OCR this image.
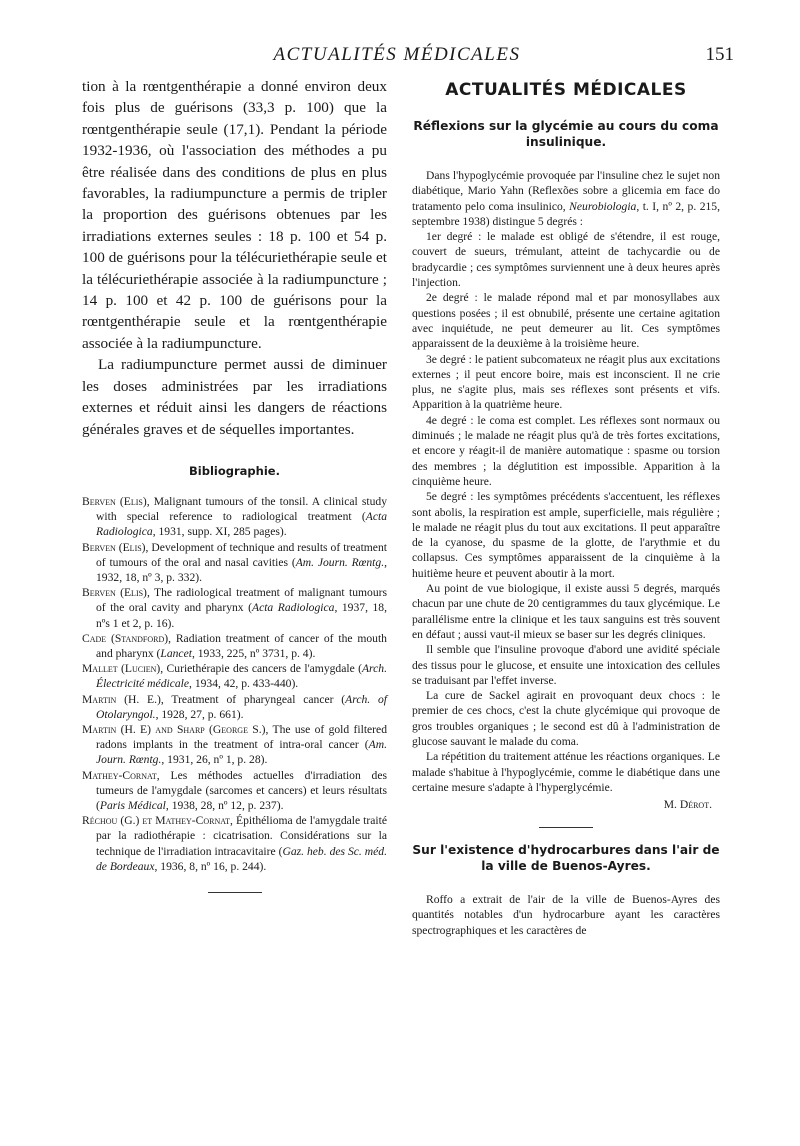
ACTUALITÉS MÉDICALES	151

tion à la rœntgenthérapie a donné environ deux fois plus de guérisons (33,3 p. 100) que la rœntgenthérapie seule (17,1). Pendant la période 1932-1936, où l'association des méthodes a pu être réalisée dans des conditions de plus en plus favorables, la radiumpuncture a permis de tripler la proportion des guérisons obtenues par les irradiations externes seules : 18 p. 100 et 54 p. 100 de guérisons pour la télécuriethérapie seule et la télécuriethérapie associée à la radiumpuncture ; 14 p. 100 et 42 p. 100 de guérisons pour la rœntgenthérapie seule et la rœntgenthérapie associée à la radiumpuncture.

La radiumpuncture permet aussi de diminuer les doses administrées par les irradiations externes et réduit ainsi les dangers de réactions générales graves et de séquelles importantes.

Bibliographie.

Berven (Elis), Malignant tumours of the tonsil. A clinical study with special reference to radiological treatment (Acta Radiologica, 1931, supp. XI, 285 pages).

Berven (Elis), Development of technique and results of treatment of tumours of the oral and nasal cavities (Am. Journ. Rœntg., 1932, 18, nº 3, p. 332).

Berven (Elis), The radiological treatment of malignant tumours of the oral cavity and pharynx (Acta Radiologica, 1937, 18, nºs 1 et 2, p. 16).

Cade (Standford), Radiation treatment of cancer of the mouth and pharynx (Lancet, 1933, 225, nº 3731, p. 4).

Mallet (Lucien), Curiethérapie des cancers de l'amygdale (Arch. Électricité médicale, 1934, 42, p. 433-440).

Martin (H. E.), Treatment of pharyngeal cancer (Arch. of Otolaryngol., 1928, 27, p. 661).

Martin (H. E) and Sharp (George S.), The use of gold filtered radons implants in the treatment of intra-oral cancer (Am. Journ. Rœntg., 1931, 26, nº 1, p. 28).

Mathey-Cornat, Les méthodes actuelles d'irradiation des tumeurs de l'amygdale (sarcomes et cancers) et leurs résultats (Paris Médical, 1938, 28, nº 12, p. 237).

Réchou (G.) et Mathey-Cornat, Épithélioma de l'amygdale traité par la radiothérapie : cicatrisation. Considérations sur la technique de l'irradiation intracavitaire (Gaz. heb. des Sc. méd. de Bordeaux, 1936, 8, nº 16, p. 244).

ACTUALITÉS MÉDICALES
Réflexions sur la glycémie au cours du coma insulinique.

Dans l'hypoglycémie provoquée par l'insuline chez le sujet non diabétique, Mario Yahn (Reflexões sobre a glicemia em face do tratamento pelo coma insulinico, Neurobiologia, t. I, nº 2, p. 215, septembre 1938) distingue 5 degrés :

1er degré : le malade est obligé de s'étendre, il est rouge, couvert de sueurs, trémulant, atteint de tachycardie ou de bradycardie ; ces symptômes surviennent une à deux heures après l'injection.

2e degré : le malade répond mal et par monosyllabes aux questions posées ; il est obnubilé, présente une certaine agitation avec inquiétude, ne peut demeurer au lit. Ces symptômes apparaissent de la deuxième à la troisième heure.

3e degré : le patient subcomateux ne réagit plus aux excitations externes ; il peut encore boire, mais est inconscient. Il ne crie plus, ne s'agite plus, mais ses réflexes sont présents et vifs. Apparition à la quatrième heure.

4e degré : le coma est complet. Les réflexes sont normaux ou diminués ; le malade ne réagit plus qu'à de très fortes excitations, et encore y réagit-il de manière automatique : spasme ou torsion des membres ; la déglutition est impossible. Apparition à la cinquième heure.

5e degré : les symptômes précédents s'accentuent, les réflexes sont abolis, la respiration est ample, superficielle, mais régulière ; le malade ne réagit plus du tout aux excitations. Il peut apparaître de la cyanose, du spasme de la glotte, de l'arythmie et du collapsus. Ces symptômes apparaissent de la cinquième à la huitième heure et peuvent aboutir à la mort.

Au point de vue biologique, il existe aussi 5 degrés, marqués chacun par une chute de 20 centigrammes du taux glycémique. Le parallélisme entre la clinique et les taux sanguins est très souvent en défaut ; aussi vaut-il mieux se baser sur les degrés cliniques.

Il semble que l'insuline provoque d'abord une avidité spéciale des tissus pour le glucose, et ensuite une intoxication des cellules se traduisant par l'effet inverse.

La cure de Sackel agirait en provoquant deux chocs : le premier de ces chocs, c'est la chute glycémique qui provoque de gros troubles organiques ; le second est dû à l'administration de glucose sauvant le malade du coma.

La répétition du traitement atténue les réactions organiques. Le malade s'habitue à l'hypoglycémie, comme le diabétique dans une certaine mesure s'adapte à l'hyperglycémie.

M. Dérot.
Sur l'existence d'hydrocarbures dans l'air de la ville de Buenos-Ayres.

Roffo a extrait de l'air de la ville de Buenos-Ayres des quantités notables d'un hydrocarbure ayant les caractères spectrographiques et les caractères de
